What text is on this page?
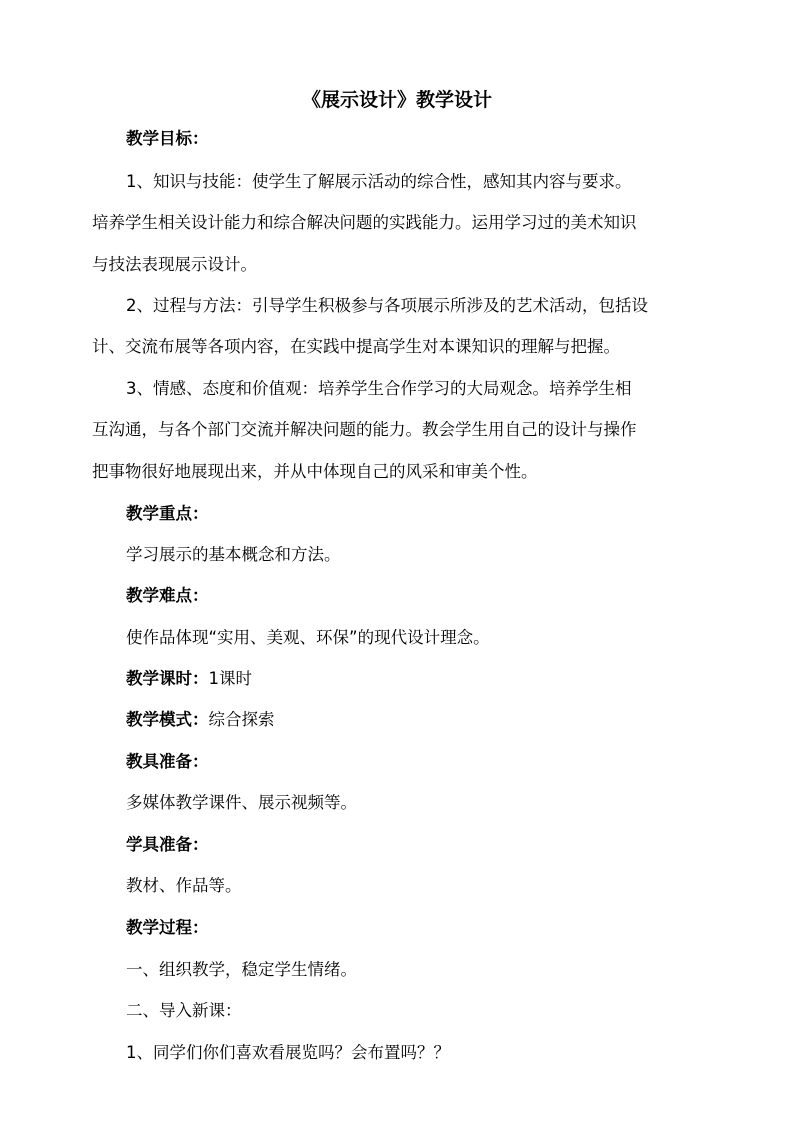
《展示设计》教学设计
教学目标：
1、知识与技能：使学生了解展示活动的综合性，感知其内容与要求。
培养学生相关设计能力和综合解决问题的实践能力。运用学习过的美术知识
与技法表现展示设计。
2、过程与方法：引导学生积极参与各项展示所涉及的艺术活动，包括设
计、交流布展等各项内容，在实践中提高学生对本课知识的理解与把握。
3、情感、态度和价值观：培养学生合作学习的大局观念。培养学生相
互沟通，与各个部门交流并解决问题的能力。教会学生用自己的设计与操作
把事物很好地展现出来，并从中体现自己的风采和审美个性。
教学重点：
学习展示的基本概念和方法。
教学难点：
使作品体现“实用、美观、环保”的现代设计理念。
教学课时：1课时
教学模式：综合探索
教具准备：
多媒体教学课件、展示视频等。
学具准备：
教材、作品等。
教学过程：
一、组织教学，稳定学生情绪。
二、导入新课：
1、同学们你们喜欢看展览吗？会布置吗？？
